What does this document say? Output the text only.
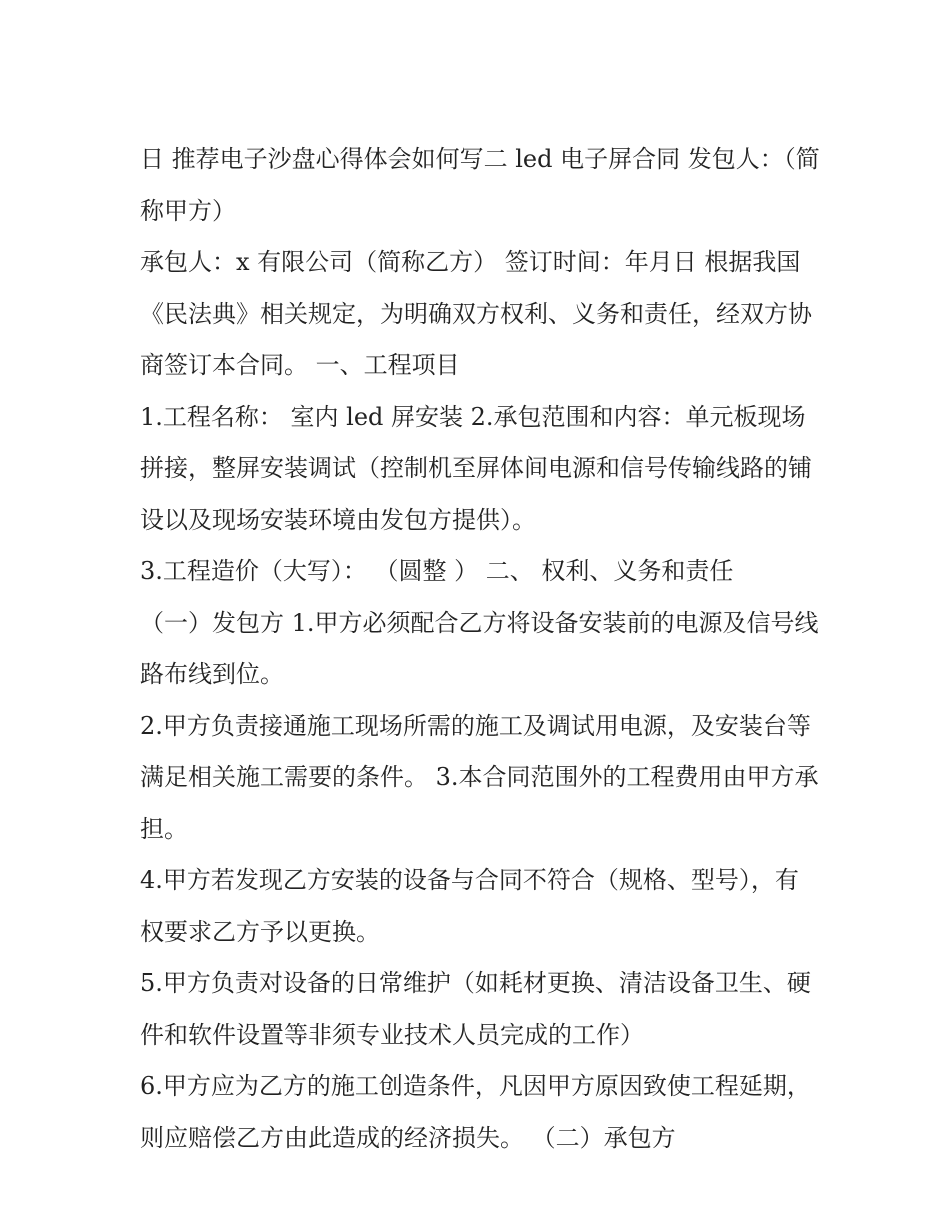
日 推荐电子沙盘心得体会如何写二 led 电子屏合同 发包人：（简称甲方）

承包人：x 有限公司（简称乙方） 签订时间：年月日 根据我国《民法典》相关规定，为明确双方权利、义务和责任，经双方协商签订本合同。 一、工程项目

1.工程名称： 室内 led 屏安装 2.承包范围和内容：单元板现场拼接，整屏安装调试（控制机至屏体间电源和信号传输线路的铺设以及现场安装环境由发包方提供）。

3.工程造价（大写）： （圆整 ） 二、 权利、义务和责任

（一）发包方 1.甲方必须配合乙方将设备安装前的电源及信号线路布线到位。

2.甲方负责接通施工现场所需的施工及调试用电源，及安装台等满足相关施工需要的条件。 3.本合同范围外的工程费用由甲方承担。

4.甲方若发现乙方安装的设备与合同不符合（规格、型号），有权要求乙方予以更换。

5.甲方负责对设备的日常维护（如耗材更换、清洁设备卫生、硬件和软件设置等非须专业技术人员完成的工作）

6.甲方应为乙方的施工创造条件，凡因甲方原因致使工程延期，则应赔偿乙方由此造成的经济损失。 （二）承包方
